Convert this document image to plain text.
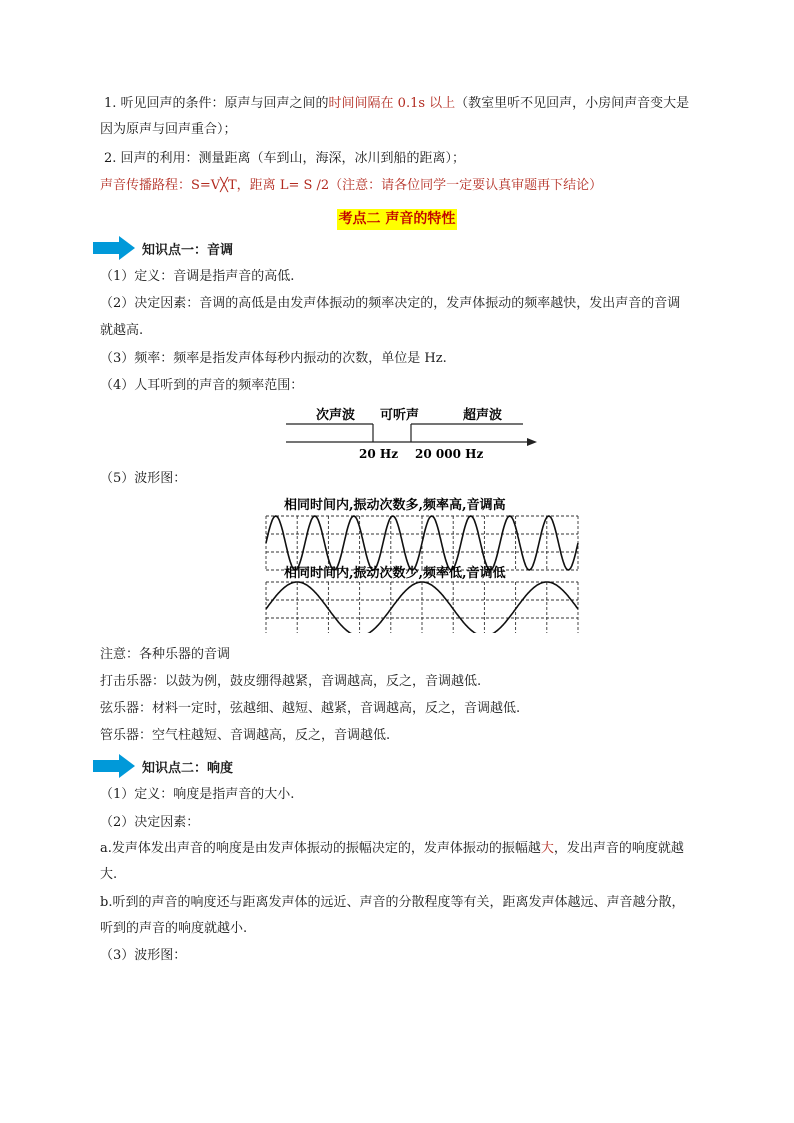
1. 听见回声的条件：原声与回声之间的时间间隔在 0.1s 以上（教室里听不见回声，小房间声音变大是
因为原声与回声重合）；
2. 回声的利用：测量距离（车到山，海深，冰川到船的距离）；
声音传播路程：S=V╳T，距离 L= S /2（注意：请各位同学一定要认真审题再下结论）
考点二 声音的特性
知识点一：音调
（1）定义：音调是指声音的高低.
（2）决定因素：音调的高低是由发声体振动的频率决定的，发声体振动的频率越快，发出声音的音调
就越高.
（3）频率：频率是指发声体每秒内振动的次数，单位是 Hz.
（4）人耳听到的声音的频率范围：
次声波 可听声	超声波
20 Hz 20 000 Hz
（5）波形图：
相同时间内,振动次数多,频率高,音调高
相同时间内,振动次数少,频率低,音调低
注意：各种乐器的音调
打击乐器：以鼓为例，鼓皮绷得越紧，音调越高，反之，音调越低.
弦乐器：材料一定时，弦越细、越短、越紧，音调越高，反之，音调越低.
管乐器：空气柱越短、音调越高，反之，音调越低.
知识点二：响度
（1）定义：响度是指声音的大小.
（2）决定因素：
a.发声体发出声音的响度是由发声体振动的振幅决定的，发声体振动的振幅越大，发出声音的响度就越
大.
b.听到的声音的响度还与距离发声体的远近、声音的分散程度等有关，距离发声体越远、声音越分散，
听到的声音的响度就越小.
（3）波形图：
